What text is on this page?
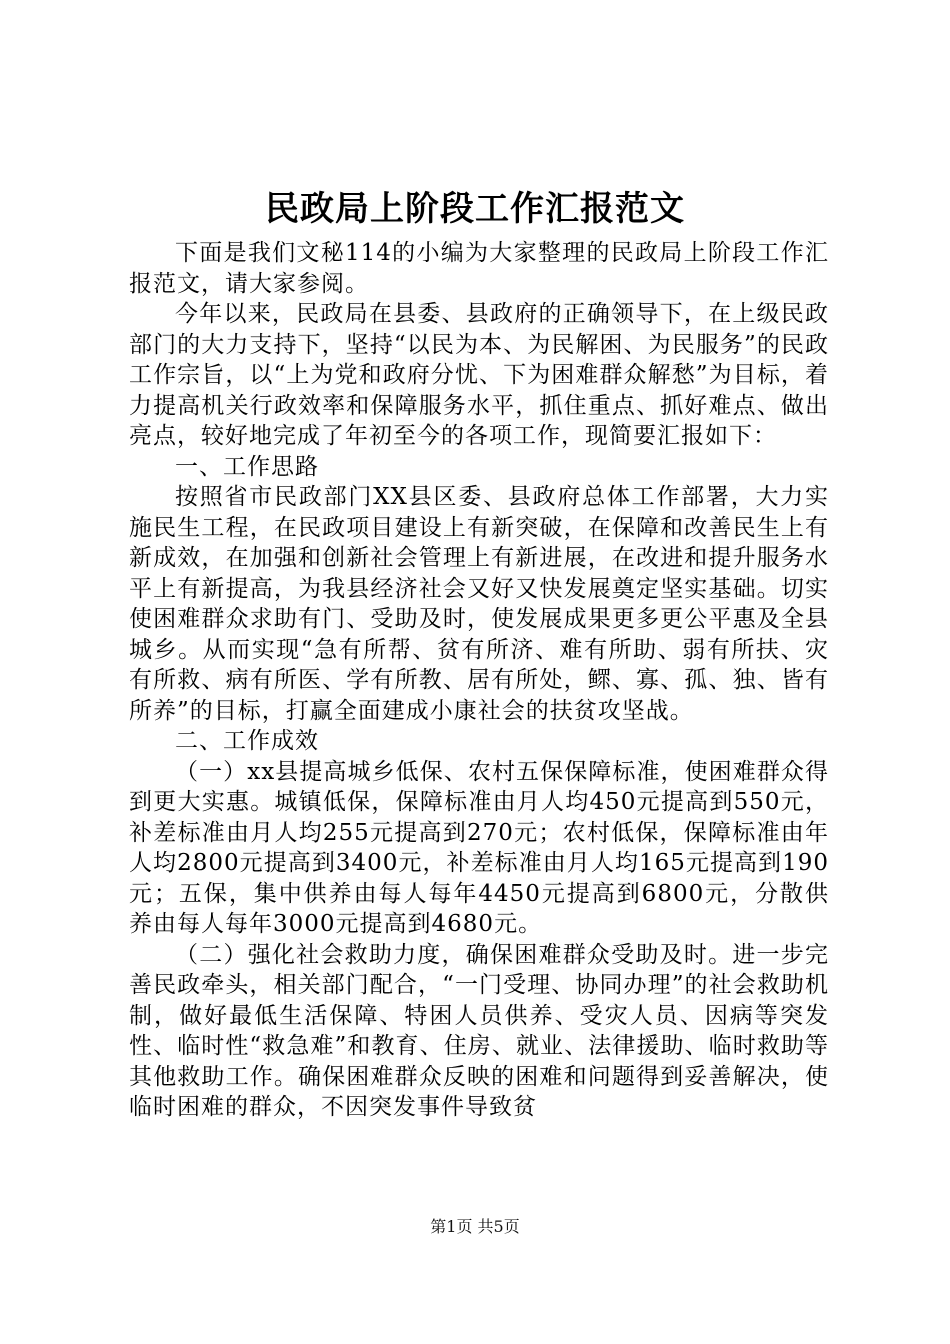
民政局上阶段工作汇报范文

下面是我们文秘114的小编为大家整理的民政局上阶段工作汇报范文，请大家参阅。

今年以来，民政局在县委、县政府的正确领导下，在上级民政部门的大力支持下，坚持“以民为本、为民解困、为民服务”的民政工作宗旨，以“上为党和政府分忧、下为困难群众解愁”为目标，着力提高机关行政效率和保障服务水平，抓住重点、抓好难点、做出亮点，较好地完成了年初至今的各项工作，现简要汇报如下：

一、工作思路

按照省市民政部门XX县区委、县政府总体工作部署，大力实施民生工程，在民政项目建设上有新突破，在保障和改善民生上有新成效，在加强和创新社会管理上有新进展，在改进和提升服务水平上有新提高，为我县经济社会又好又快发展奠定坚实基础。切实使困难群众求助有门、受助及时，使发展成果更多更公平惠及全县城乡。从而实现“急有所帮、贫有所济、难有所助、弱有所扶、灾有所救、病有所医、学有所教、居有所处，鳏、寡、孤、独、皆有所养”的目标，打赢全面建成小康社会的扶贫攻坚战。

二、工作成效

（一）xx县提高城乡低保、农村五保保障标准，使困难群众得到更大实惠。城镇低保，保障标准由月人均450元提高到550元，补差标准由月人均255元提高到270元；农村低保，保障标准由年人均2800元提高到3400元，补差标准由月人均165元提高到190元；五保，集中供养由每人每年4450元提高到6800元，分散供养由每人每年3000元提高到4680元。

（二）强化社会救助力度，确保困难群众受助及时。进一步完善民政牵头，相关部门配合，“一门受理、协同办理”的社会救助机制，做好最低生活保障、特困人员供养、受灾人员、因病等突发性、临时性“救急难”和教育、住房、就业、法律援助、临时救助等其他救助工作。确保困难群众反映的困难和问题得到妥善解决，使临时困难的群众，不因突发事件导致贫

第1页 共5页
